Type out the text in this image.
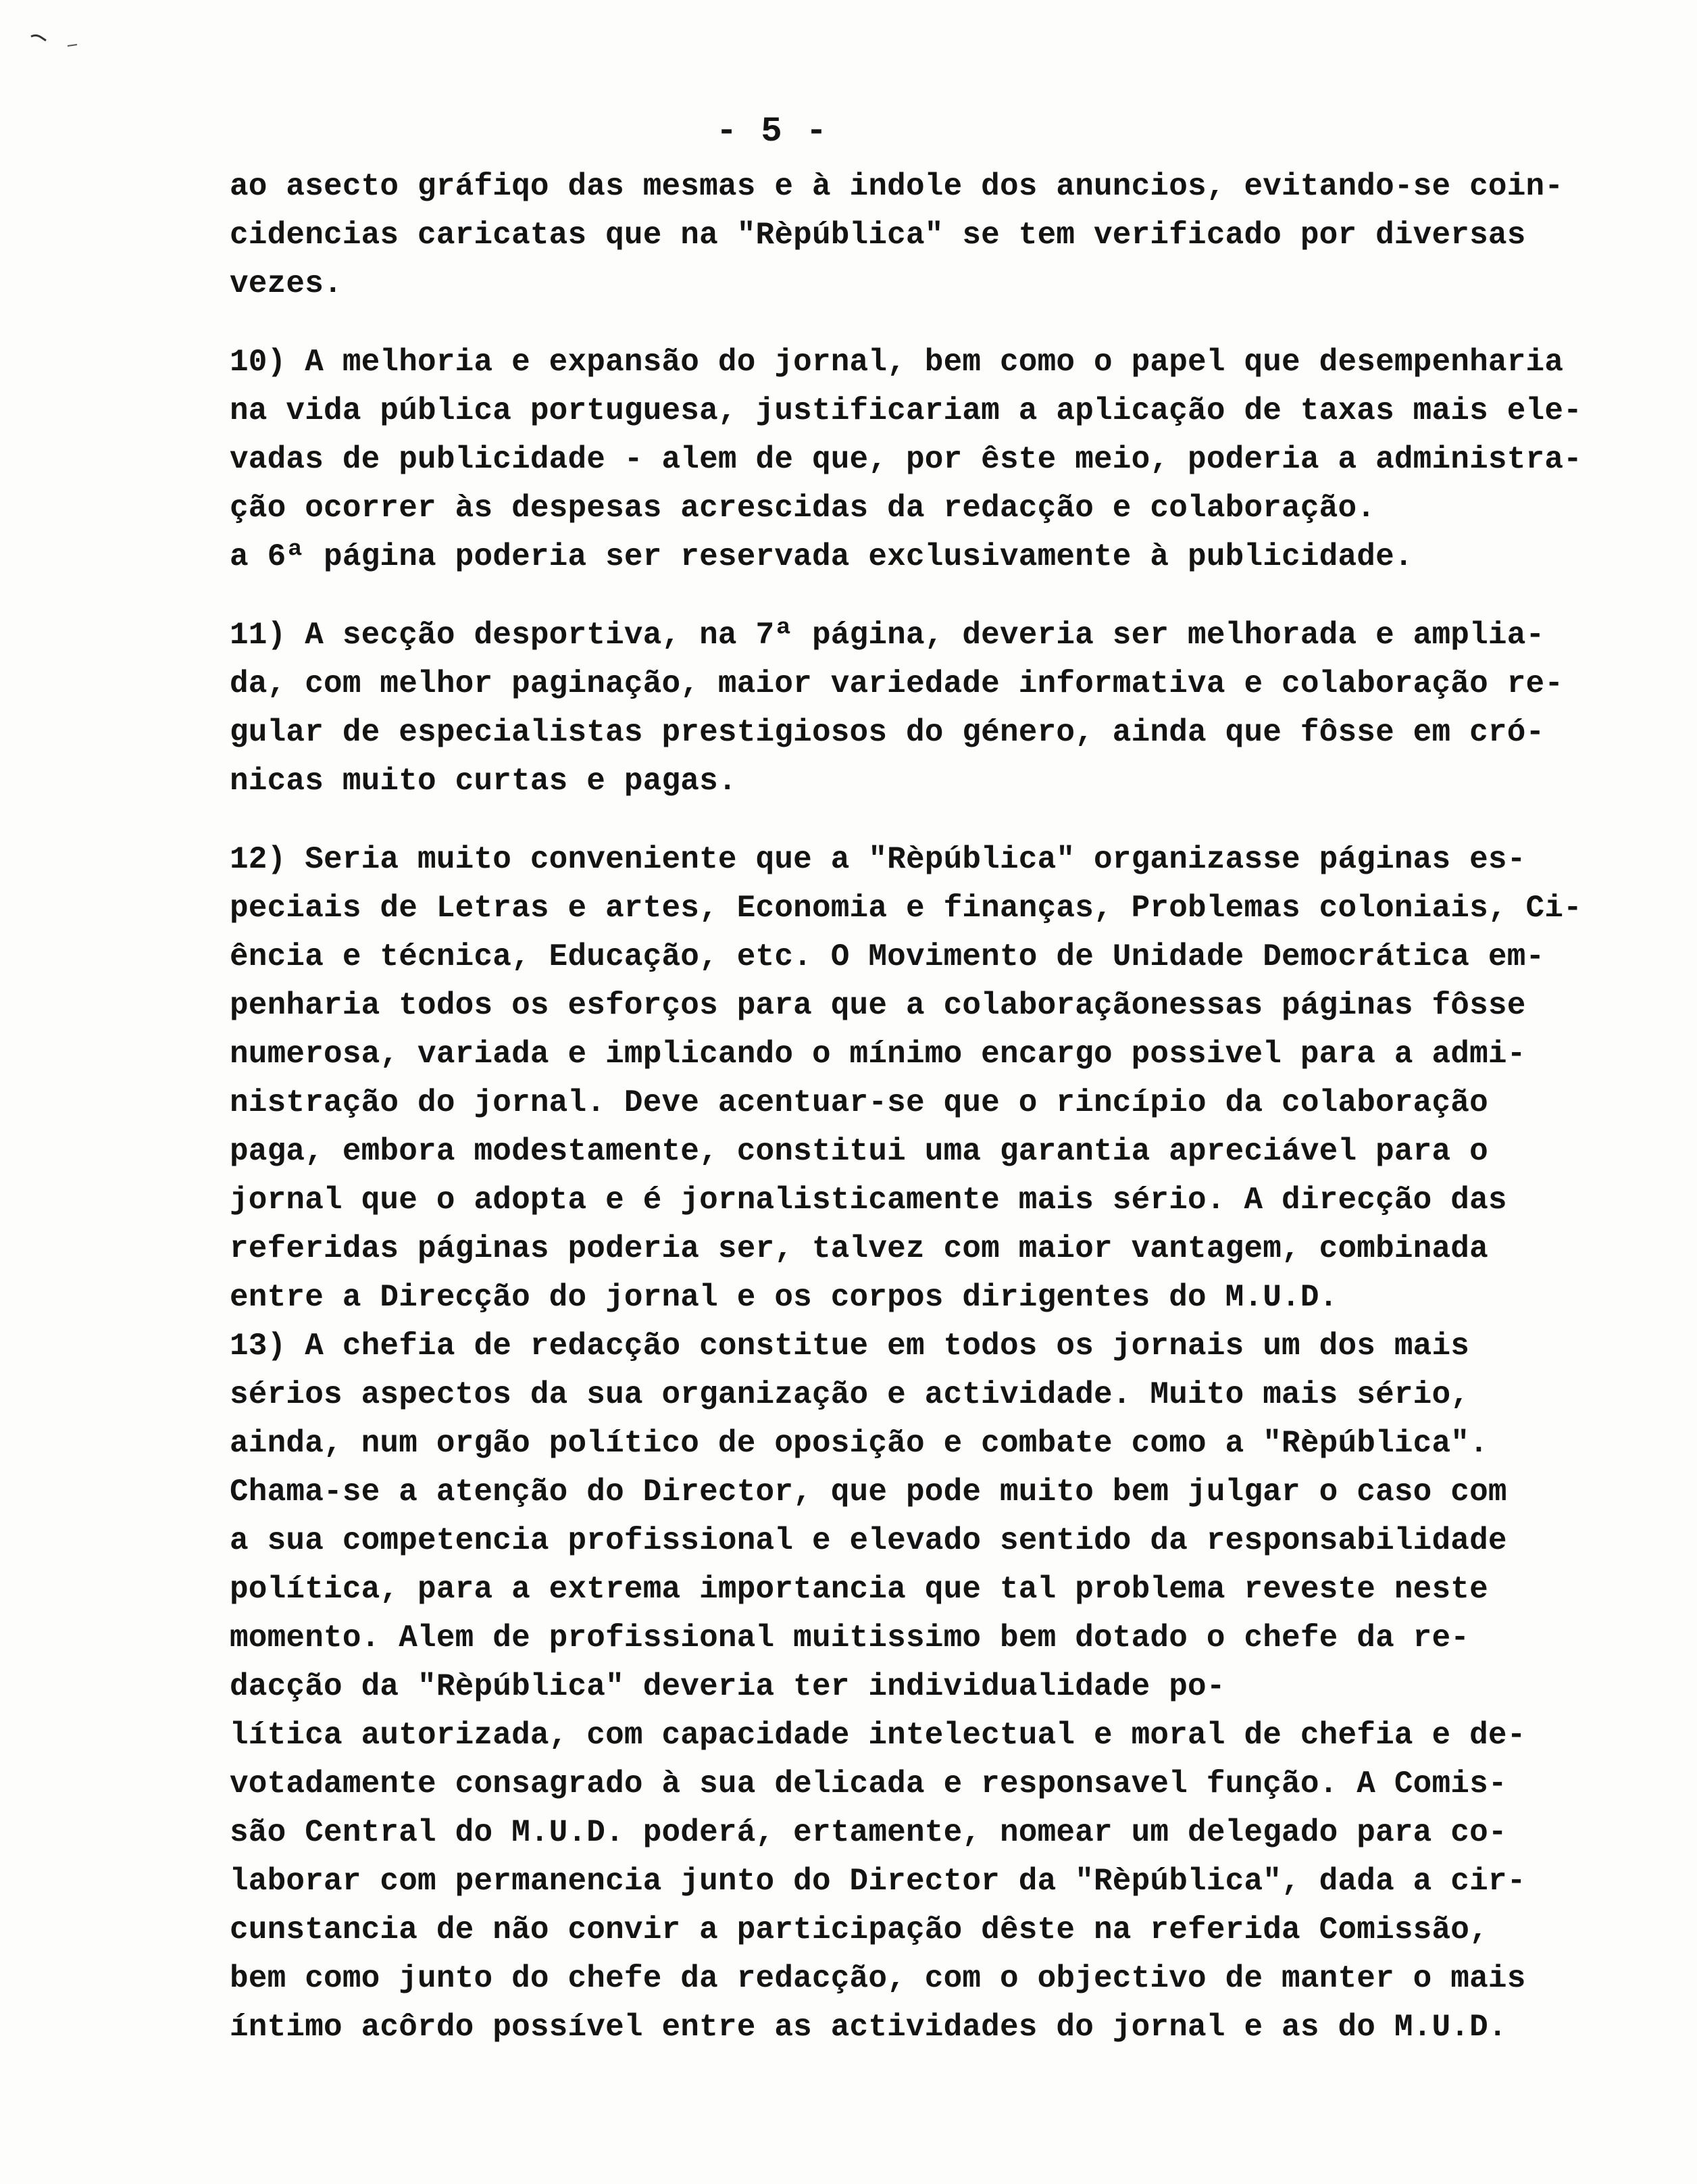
- 5 -
ao asecto gráfiqo das mesmas e à indole dos anuncios, evitando-se coin-
cidencias caricatas que na "Rèpública" se tem verificado por diversas
vezes.
10) A melhoria e expansão do jornal, bem como o papel que desempenharia
na vida pública portuguesa, justificariam a aplicação de taxas mais ele-
vadas de publicidade - alem de que, por êste meio, poderia a administra-
ção ocorrer às despesas acrescidas da redacção e colaboração.
a 6ª página poderia ser reservada exclusivamente à publicidade.
11) A secção desportiva, na 7ª página, deveria ser melhorada e amplia-
da, com melhor paginação, maior variedade informativa e colaboração re-
gular de especialistas prestigiosos do género, ainda que fôsse em cró-
nicas muito curtas e pagas.
12) Seria muito conveniente que a "Rèpública" organizasse páginas es-
peciais de Letras e artes, Economia e finanças, Problemas coloniais, Ci-
ência e técnica, Educação, etc. O Movimento de Unidade Democrática em-
penharia todos os esforços para que a colaboraçãonessas páginas fôsse
numerosa, variada e implicando o mínimo encargo possivel para a admi-
nistração do jornal. Deve acentuar-se que o rincípio da colaboração
paga, embora modestamente, constitui uma garantia apreciável para o
jornal que o adopta e é jornalisticamente mais sério. A direcção das
referidas páginas poderia ser, talvez com maior vantagem, combinada
entre a Direcção do jornal e os corpos dirigentes do M.U.D.
13) A chefia de redacção constitue em todos os jornais um dos mais
sérios aspectos da sua organização e actividade. Muito mais sério,
ainda, num orgão político de oposição e combate como a "Rèpública".
Chama-se a atenção do Director, que pode muito bem julgar o caso com
a sua competencia profissional e elevado sentido da responsabilidade
política, para a extrema importancia que tal problema reveste neste
momento. Alem de profissional muitissimo bem dotado o chefe da re-
dacção da "Rèpública" deveria ter individualidade po-
lítica autorizada, com capacidade intelectual e moral de chefia e de-
votadamente consagrado à sua delicada e responsavel função. A Comis-
são Central do M.U.D. poderá, ertamente, nomear um delegado para co-
laborar com permanencia junto do Director da "Rèpública", dada a cir-
cunstancia de não convir a participação dêste na referida Comissão,
bem como junto do chefe da redacção, com o objectivo de manter o mais
íntimo acôrdo possível entre as actividades do jornal e as do M.U.D.
